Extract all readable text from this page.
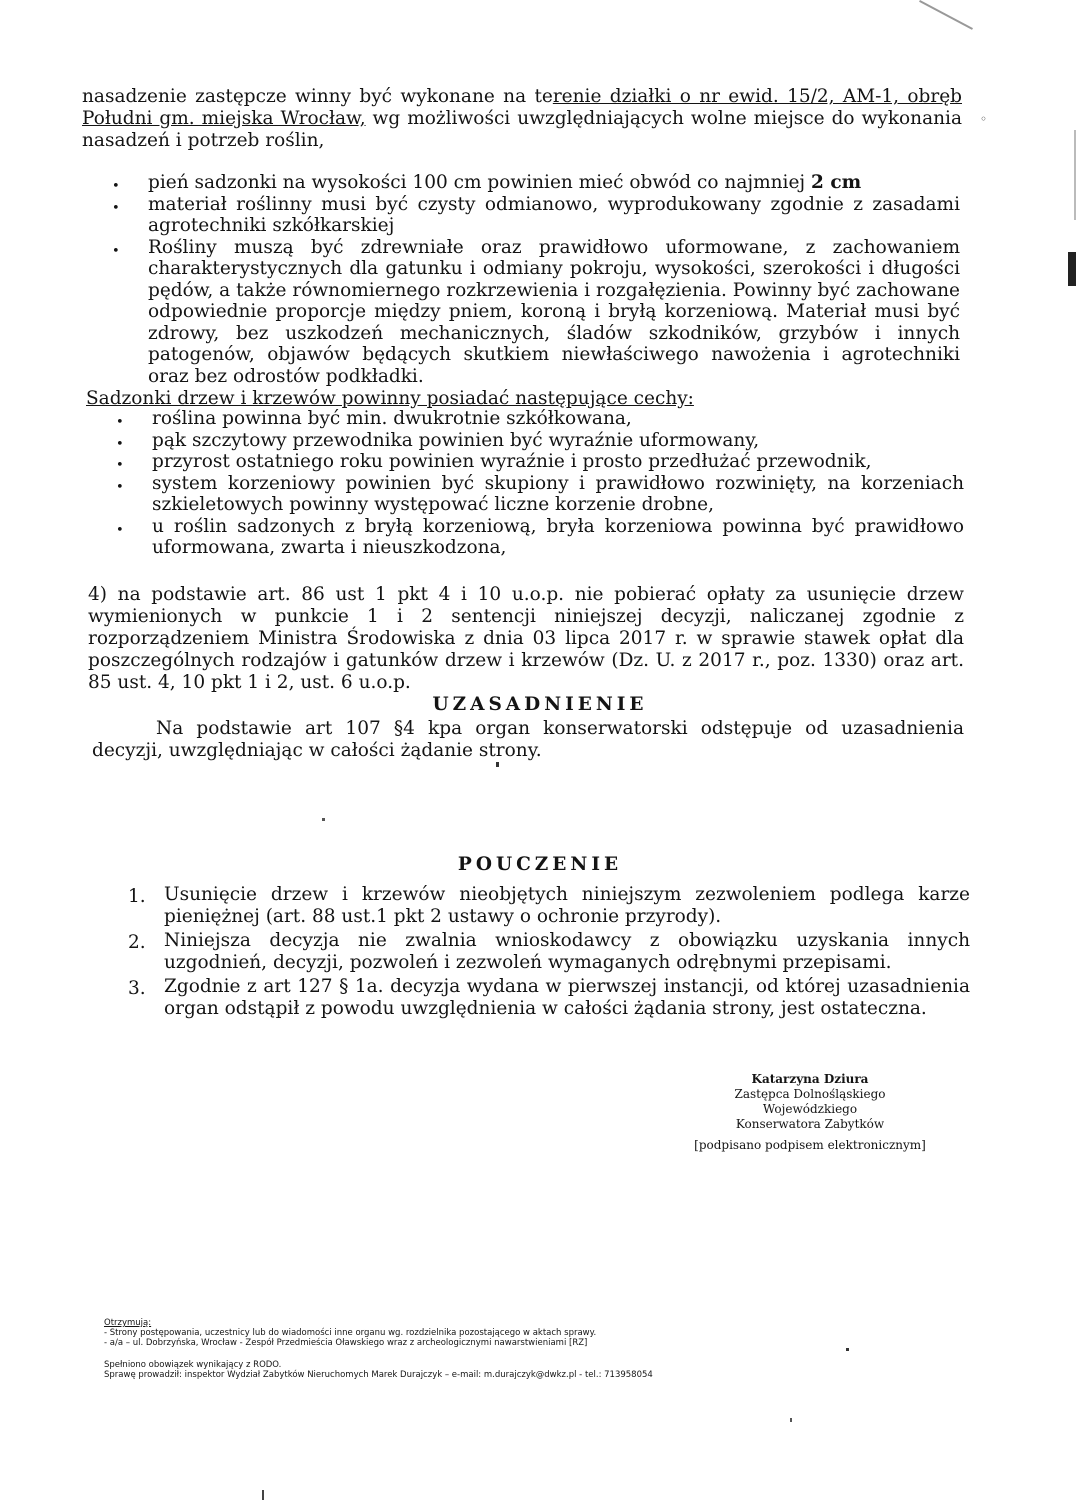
nasadzenie zastępcze winny być wykonane na terenie działki o nr ewid. 15/2, AM-1, obręb Południ gm. miejska Wrocław, wg możliwości uwzględniających wolne miejsce do wykonania nasadzeń i potrzeb roślin,
• pień sadzonki na wysokości 100 cm powinien mieć obwód co najmniej 2 cm
• materiał roślinny musi być czysty odmianowo, wyprodukowany zgodnie z zasadami agrotechniki szkółkarskiej
• Rośliny muszą być zdrewniałe oraz prawidłowo uformowane, z zachowaniem charakterystycznych dla gatunku i odmiany pokroju, wysokości, szerokości i długości pędów, a także równomiernego rozkrzewienia i rozgałęzienia. Powinny być zachowane odpowiednie proporcje między pniem, koroną i bryłą korzeniową. Materiał musi być zdrowy, bez uszkodzeń mechanicznych, śladów szkodników, grzybów i innych patogenów, objawów będących skutkiem niewłaściwego nawożenia i agrotechniki oraz bez odrostów podkładki.
Sadzonki drzew i krzewów powinny posiadać następujące cechy:
• roślina powinna być min. dwukrotnie szkółkowana,
• pąk szczytowy przewodnika powinien być wyraźnie uformowany,
• przyrost ostatniego roku powinien wyraźnie i prosto przedłużać przewodnik,
• system korzeniowy powinien być skupiony i prawidłowo rozwinięty, na korzeniach szkieletowych powinny występować liczne korzenie drobne,
• u roślin sadzonych z bryłą korzeniową, bryła korzeniowa powinna być prawidłowo uformowana, zwarta i nieuszkodzona,
4) na podstawie art. 86 ust 1 pkt 4 i 10 u.o.p. nie pobierać opłaty za usunięcie drzew wymienionych w punkcie 1 i 2 sentencji niniejszej decyzji, naliczanej zgodnie z rozporządzeniem Ministra Środowiska z dnia 03 lipca 2017 r. w sprawie stawek opłat dla poszczególnych rodzajów i gatunków drzew i krzewów (Dz. U. z 2017 r., poz. 1330) oraz art. 85 ust. 4, 10 pkt 1 i 2, ust. 6 u.o.p.
UZASADNIENIE
Na podstawie art 107 §4 kpa organ konserwatorski odstępuje od uzasadnienia decyzji, uwzględniając w całości żądanie strony.
POUCZENIE
1. Usunięcie drzew i krzewów nieobjętych niniejszym zezwoleniem podlega karze pieniężnej (art. 88 ust.1 pkt 2 ustawy o ochronie przyrody).
2. Niniejsza decyzja nie zwalnia wnioskodawcy z obowiązku uzyskania innych uzgodnień, decyzji, pozwoleń i zezwoleń wymaganych odrębnymi przepisami.
3. Zgodnie z art 127 § 1a. decyzja wydana w pierwszej instancji, od której uzasadnienia organ odstąpił z powodu uwzględnienia w całości żądania strony, jest ostateczna.
Katarzyna Dziura
Zastępca Dolnośląskiego Wojewódzkiego
Konserwatora Zabytków
[podpisano podpisem elektronicznym]
Otrzymują:
- Strony postępowania, uczestnicy lub do wiadomości inne organu wg. rozdzielnika pozostającego w aktach sprawy.
- a/a – ul. Dobrzyńska, Wrocław - Zespół Przedmieścia Oławskiego wraz z archeologicznymi nawarstwieniami [RZ]
Spełniono obowiązek wynikający z RODO.
Sprawę prowadził: inspektor Wydział Zabytków Nieruchomych Marek Durajczyk – e-mail: m.durajczyk@dwkz.pl - tel.: 713958054
◦
